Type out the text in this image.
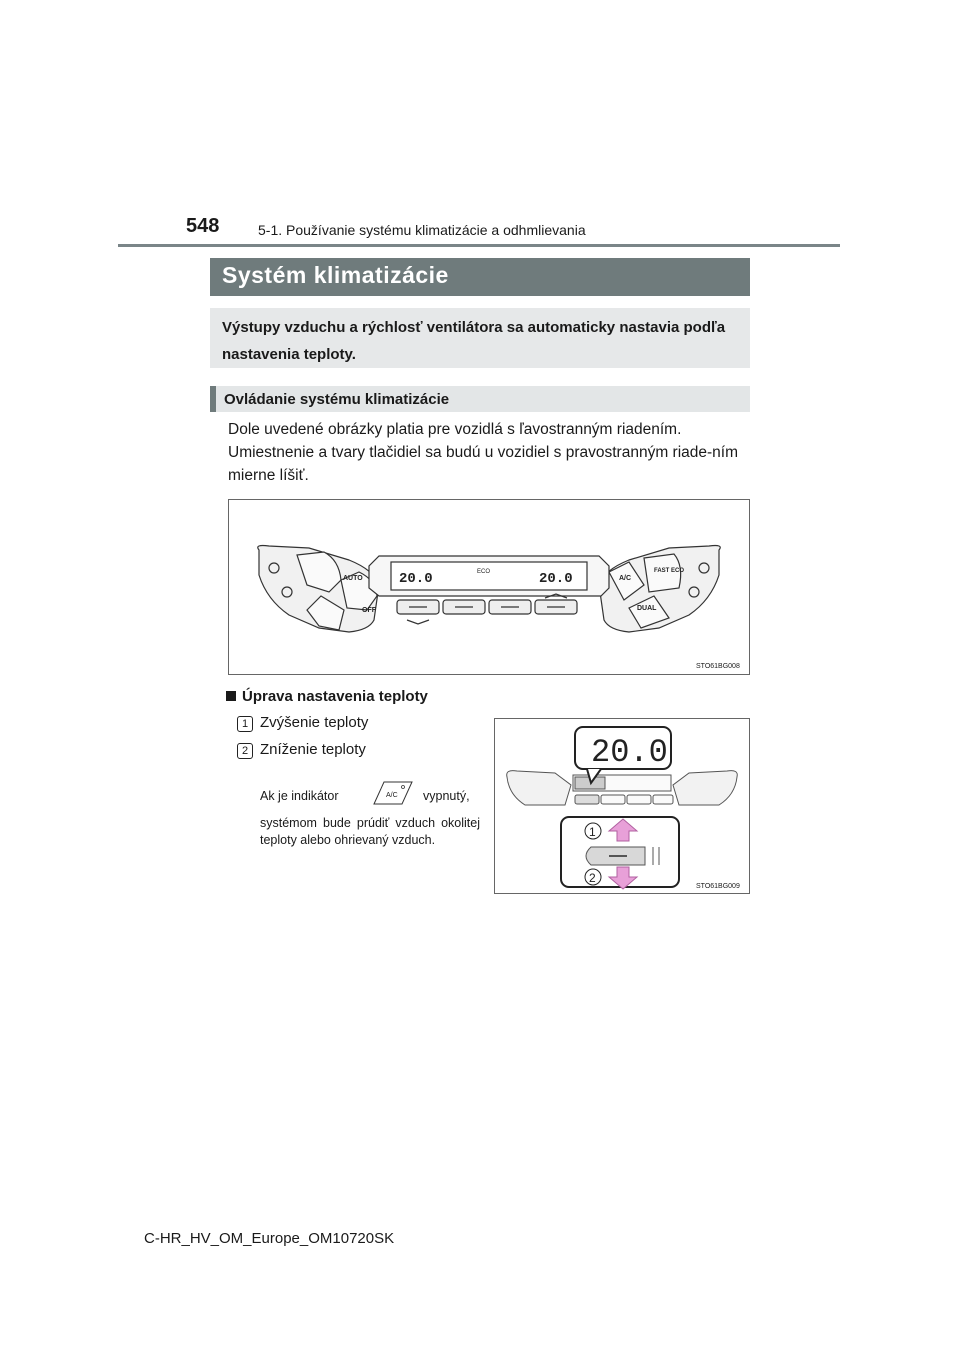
548	5-1. Používanie systému klimatizácie a odhmlievania
Systém klimatizácie
Výstupy vzduchu a rýchlosť ventilátora sa automaticky nastavia podľa nastavenia teploty.
Ovládanie systému klimatizácie
Dole uvedené obrázky platia pre vozidlá s ľavostranným riadením. Umiestnenie a tvary tlačidiel sa budú u vozidiel s pravostranným riade-ním mierne líšiť.
20.0	20.0
ECO
AUTO
OFF
A/C
FAST ECO
DUAL
STO61BG008
Úprava nastavenia teploty
1 Zvýšenie teploty
2 Zníženie teploty
Ak je indikátor	A/C vypnutý,
systémom bude prúdiť vzduch okolitej teploty alebo ohrievaný vzduch.
20.0
1
2
STO61BG009
C-HR_HV_OM_Europe_OM10720SK
